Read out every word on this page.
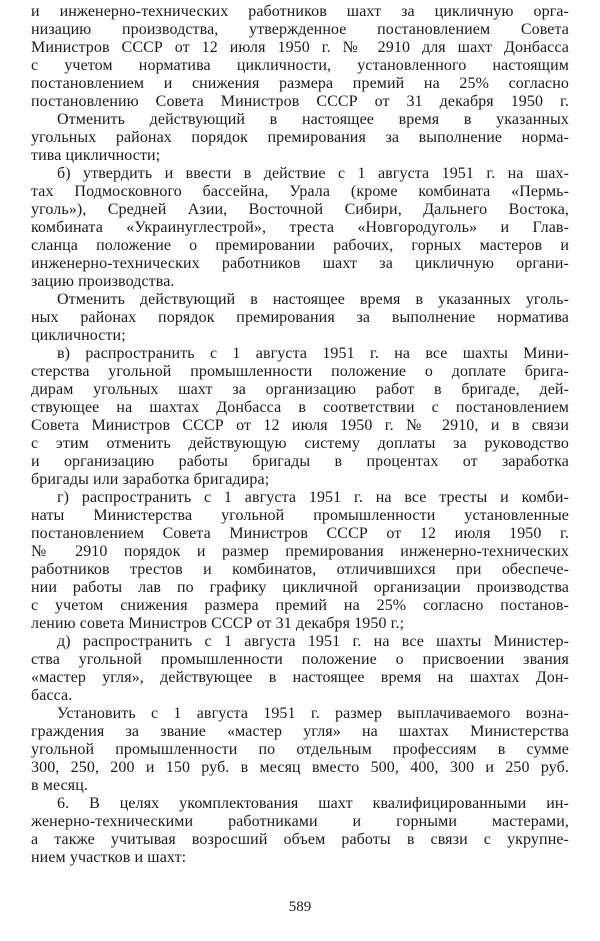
и инженерно-технических работников шахт за цикличную орга-
низацию производства, утвержденное постановлением Совета
Министров СССР от 12 июля 1950 г. № 2910 для шахт Донбасса
с учетом норматива цикличности, установленного настоящим
постановлением и снижения размера премий на 25% согласно
постановлению Совета Министров СССР от 31 декабря 1950 г.
Отменить действующий в настоящее время в указанных
угольных районах порядок премирования за выполнение норма-
тива цикличности;
б) утвердить и ввести в действие с 1 августа 1951 г. на шах-
тах Подмосковного бассейна, Урала (кроме комбината «Пермь-
уголь»), Средней Азии, Восточной Сибири, Дальнего Востока,
комбината «Украинуглестрой», треста «Новгородуголь» и Глав-
сланца положение о премировании рабочих, горных мастеров и
инженерно-технических работников шахт за цикличную органи-
зацию производства.
Отменить действующий в настоящее время в указанных уголь-
ных районах порядок премирования за выполнение норматива
цикличности;
в) распространить с 1 августа 1951 г. на все шахты Мини-
стерства угольной промышленности положение о доплате брига-
дирам угольных шахт за организацию работ в бригаде, дей-
ствующее на шахтах Донбасса в соответствии с постановлением
Совета Министров СССР от 12 июля 1950 г. № 2910, и в связи
с этим отменить действующую систему доплаты за руководство
и организацию работы бригады в процентах от заработка
бригады или заработка бригадира;
г) распространить с 1 августа 1951 г. на все тресты и комби-
наты Министерства угольной промышленности установленные
постановлением Совета Министров СССР от 12 июля 1950 г.
№ 2910 порядок и размер премирования инженерно-технических
работников трестов и комбинатов, отличившихся при обеспече-
нии работы лав по графику цикличной организации производства
с учетом снижения размера премий на 25% согласно постанов-
лению совета Министров СССР от 31 декабря 1950 г.;
д) распространить с 1 августа 1951 г. на все шахты Министер-
ства угольной промышленности положение о присвоении звания
«мастер угля», действующее в настоящее время на шахтах Дон-
басса.
Установить с 1 августа 1951 г. размер выплачиваемого возна-
граждения за звание «мастер угля» на шахтах Министерства
угольной промышленности по отдельным профессиям в сумме
300, 250, 200 и 150 руб. в месяц вместо 500, 400, 300 и 250 руб.
в месяц.
6. В целях укомплектования шахт квалифицированными ин-
женерно-техническими работниками и горными мастерами,
а также учитывая возросший объем работы в связи с укрупне-
нием участков и шахт:
589
